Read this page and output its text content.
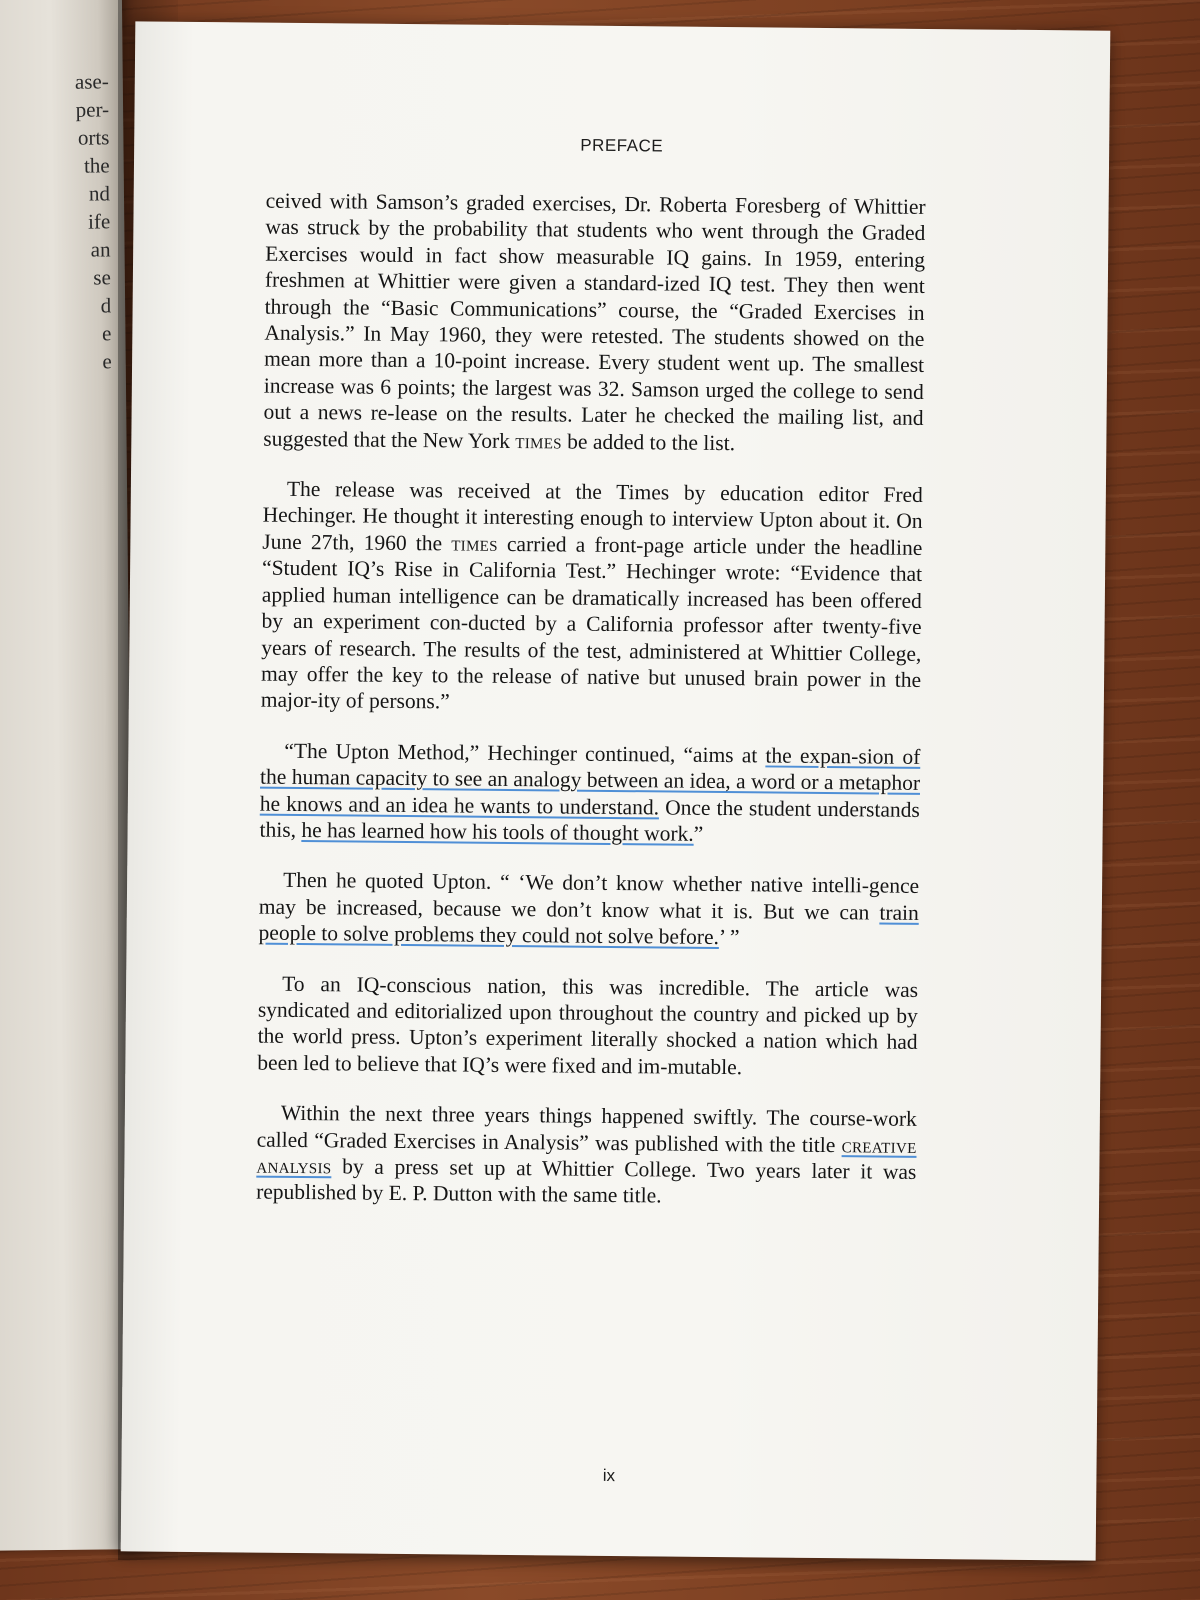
ase-
per-
orts
the
nd
ife
an
se
d
e
e
PREFACE

ceived with Samson’s graded exercises, Dr. Roberta Foresberg of Whittier was struck by the probability that students who went through the Graded Exercises would in fact show measurable IQ gains. In 1959, entering freshmen at Whittier were given a standard-ized IQ test. They then went through the “Basic Communications” course, the “Graded Exercises in Analysis.” In May 1960, they were retested. The students showed on the mean more than a 10-point increase. Every student went up. The smallest increase was 6 points; the largest was 32. Samson urged the college to send out a news re-lease on the results. Later he checked the mailing list, and suggested that the New York times be added to the list.

The release was received at the Times by education editor Fred Hechinger. He thought it interesting enough to interview Upton about it. On June 27th, 1960 the times carried a front-page article under the headline “Student IQ’s Rise in California Test.” Hechinger wrote: “Evidence that applied human intelligence can be dramatically increased has been offered by an experiment con-ducted by a California professor after twenty-five years of research. The results of the test, administered at Whittier College, may offer the key to the release of native but unused brain power in the major-ity of persons.”

“The Upton Method,” Hechinger continued, “aims at the expan-sion of the human capacity to see an analogy between an idea, a word or a metaphor he knows and an idea he wants to understand. Once the student understands this, he has learned how his tools of thought work.”

Then he quoted Upton. “ ‘We don’t know whether native intelli-gence may be increased, because we don’t know what it is. But we can train people to solve problems they could not solve before.’ ”

To an IQ-conscious nation, this was incredible. The article was syndicated and editorialized upon throughout the country and picked up by the world press. Upton’s experiment literally shocked a nation which had been led to believe that IQ’s were fixed and im-mutable.

Within the next three years things happened swiftly. The course-work called “Graded Exercises in Analysis” was published with the title creative analysis by a press set up at Whittier College. Two years later it was republished by E. P. Dutton with the same title.

ix
